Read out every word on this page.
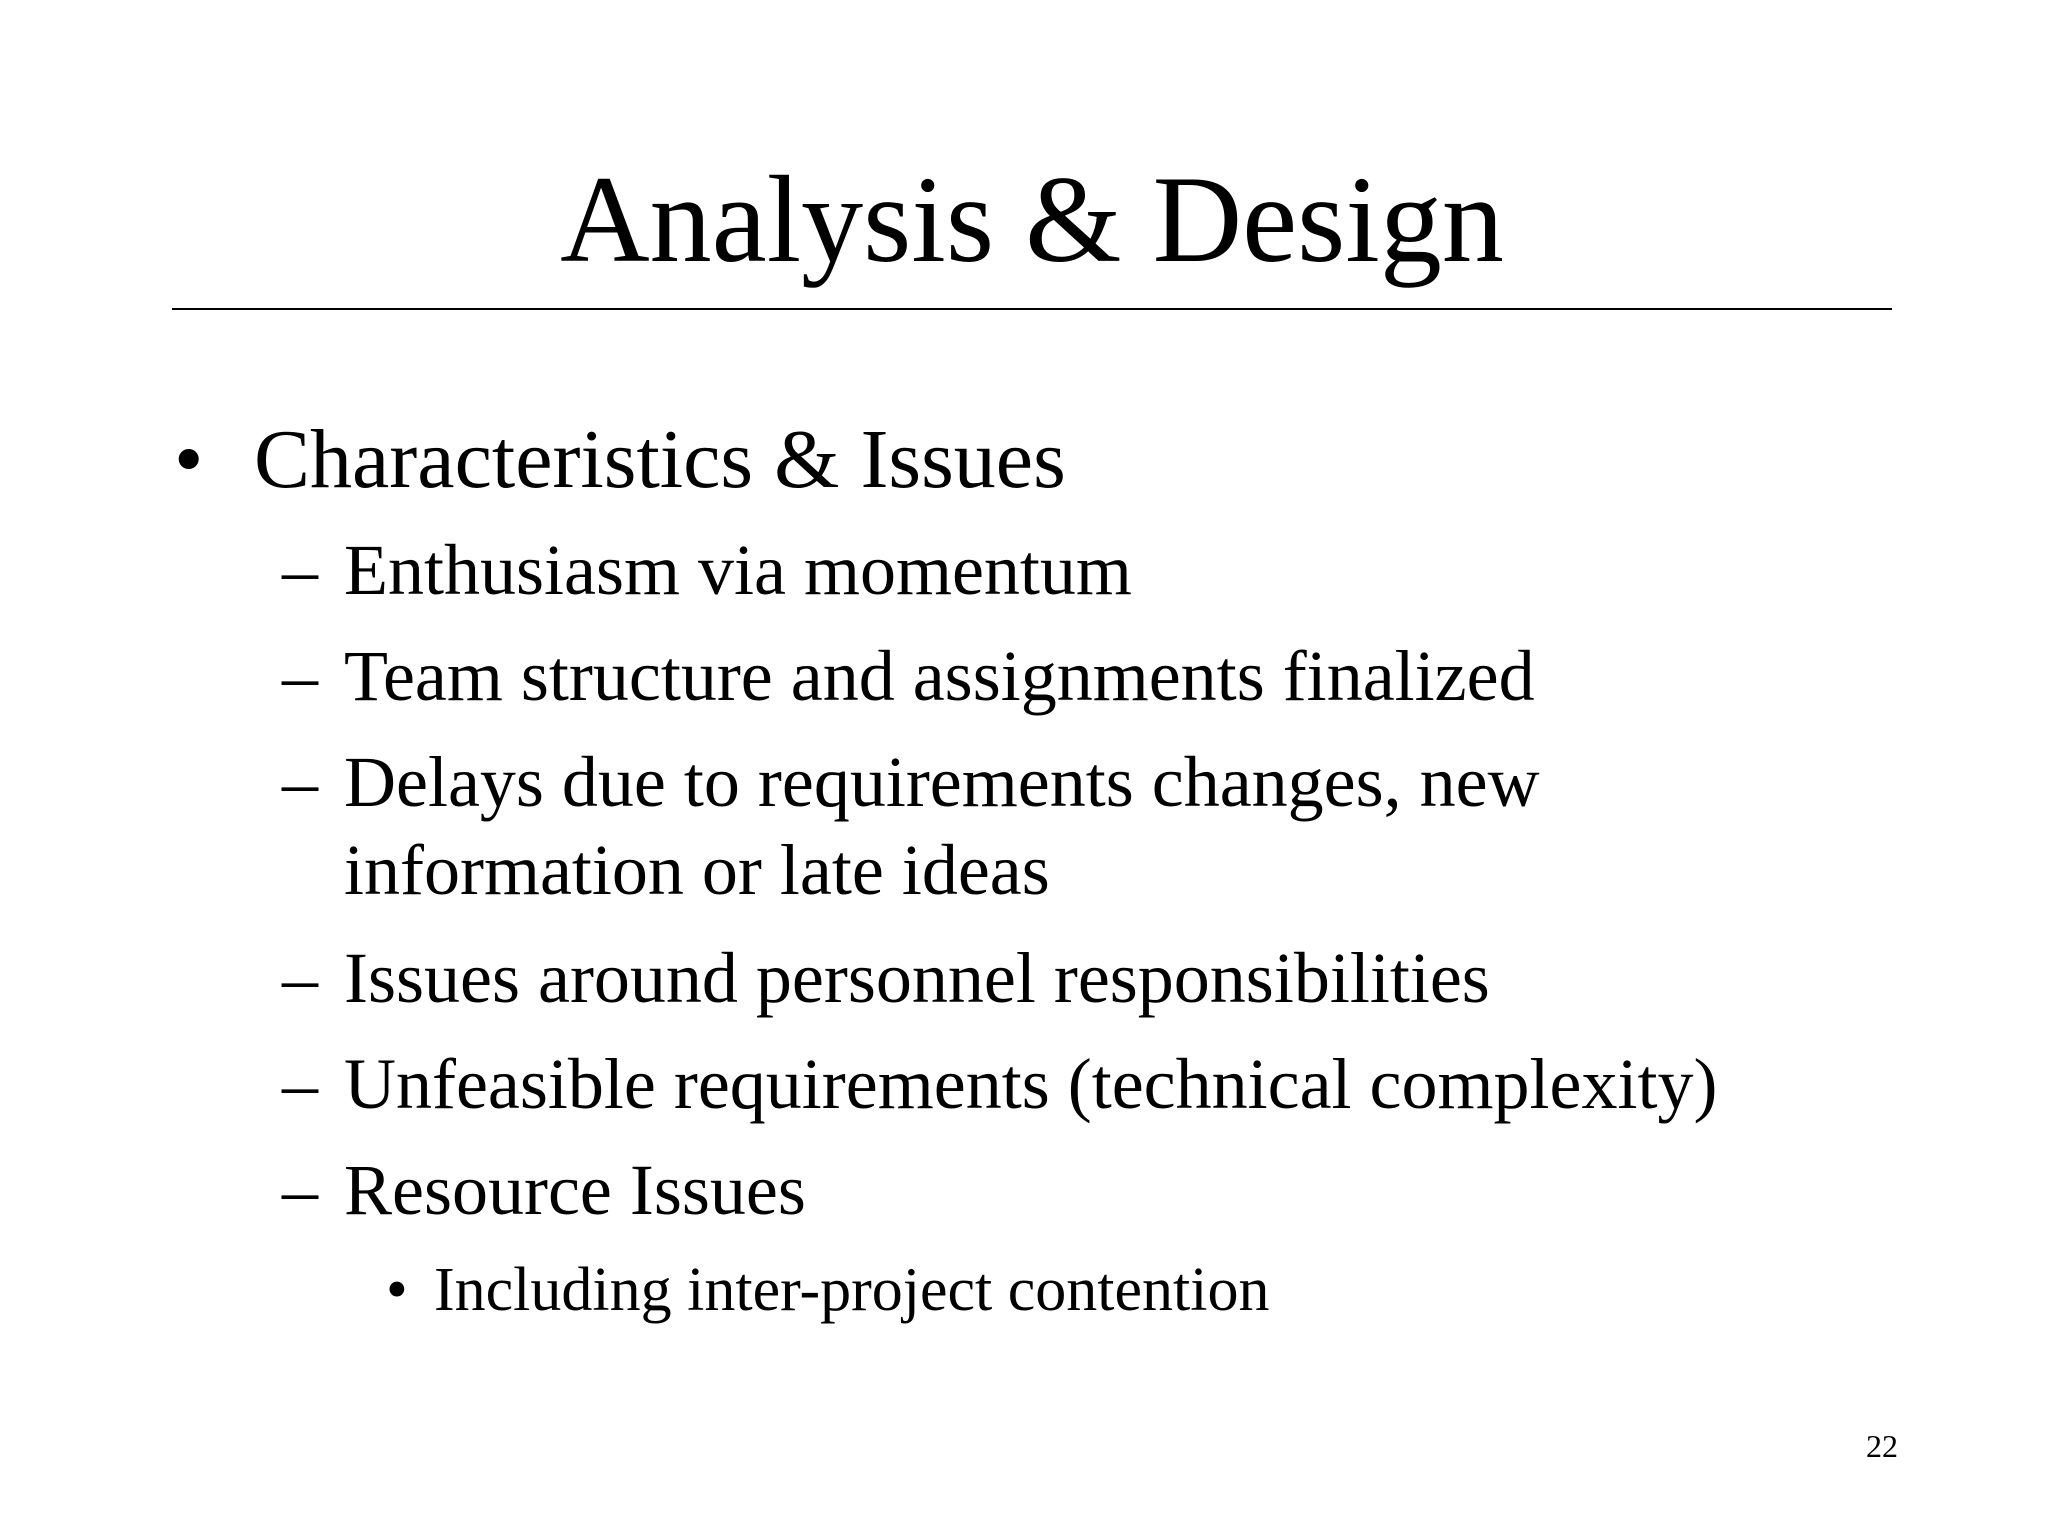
Analysis & Design
• Characteristics & Issues
– Enthusiasm via momentum
– Team structure and assignments finalized
– Delays due to requirements changes, new
information or late ideas
– Issues around personnel responsibilities
– Unfeasible requirements (technical complexity)
– Resource Issues
• Including inter-project contention
22
